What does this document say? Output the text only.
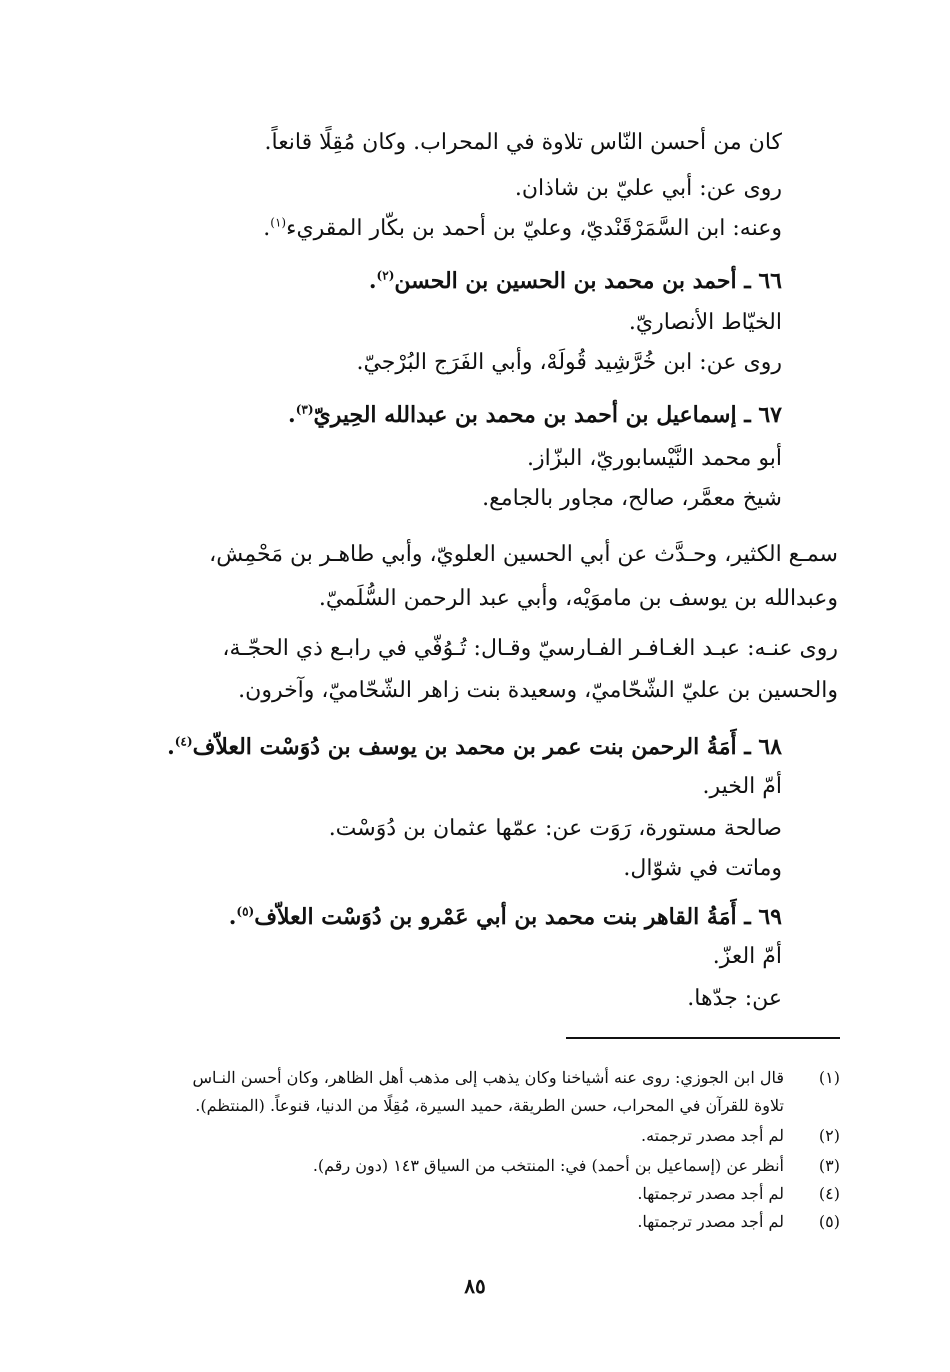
كان من أحسن النّاس تلاوة في المحراب. وكان مُقِلًا قانعاً.
روى عن: أبي عليّ بن شاذان.
وعنه: ابن السَّمَرْقَنْديّ، وعليّ بن أحمد بن بكّار المقريء$^{(١)}$.
٦٦ ـ أحمد بن محمد بن الحسين بن الحسن$^{(٢)}$.
الخيّاط الأنصاريّ.
روى عن: ابن خُرَّشِيد قُولَهْ، وأبي الفَرَج البُرْجيّ.
٦٧ ـ إسماعيل بن أحمد بن محمد بن عبدالله الحِيريّ$^{(٣)}$.
أبو محمد النَّيْسابوريّ، البزّاز.
شيخ معمَّر، صالح، مجاور بالجامع.
سمـع الكثير، وحـدَّث عن أبي الحسين العلويّ، وأبي طاهـر بن مَحْمِش،
وعبدالله بن يوسف بن ماموَيْه، وأبي عبد الرحمن السُّلَميّ.
روى عنـه: عبـد الغـافـر الفـارسيّ وقـال: تُـوُفّي في رابـع ذي الحجّـة،
والحسين بن عليّ الشّحّاميّ، وسعيدة بنت زاهر الشّحّاميّ، وآخرون.
٦٨ ـ أَمَةُ الرحمن بنت عمر بن محمد بن يوسف بن دُوَسْت العلاّف$^{(٤)}$.
أمّ الخير.
صالحة مستورة، رَوَت عن: عمّها عثمان بن دُوَسْت.
وماتت في شوّال.
٦٩ ـ أَمَةُ القاهر بنت محمد بن أبي عَمْرو بن دُوَسْت العلاّف$^{(٥)}$.
أمّ العزّ.
عن: جدّها.
(١)
قال ابن الجوزي: روى عنه أشياخنا وكان يذهب إلى مذهب أهل الظاهر، وكان أحسن النـاس
تلاوة للقرآن في المحراب، حسن الطريقة، حميد السيرة، مُقِلًا من الدنيا، قنوعاً. (المنتظم).
(٢)
لم أجد مصدر ترجمته.
(٣)
أنظر عن (إسماعيل بن أحمد) في: المنتخب من السياق ١٤٣ (دون رقم).
(٤)
لم أجد مصدر ترجمتها.
(٥)
لم أجد مصدر ترجمتها.
٨٥
